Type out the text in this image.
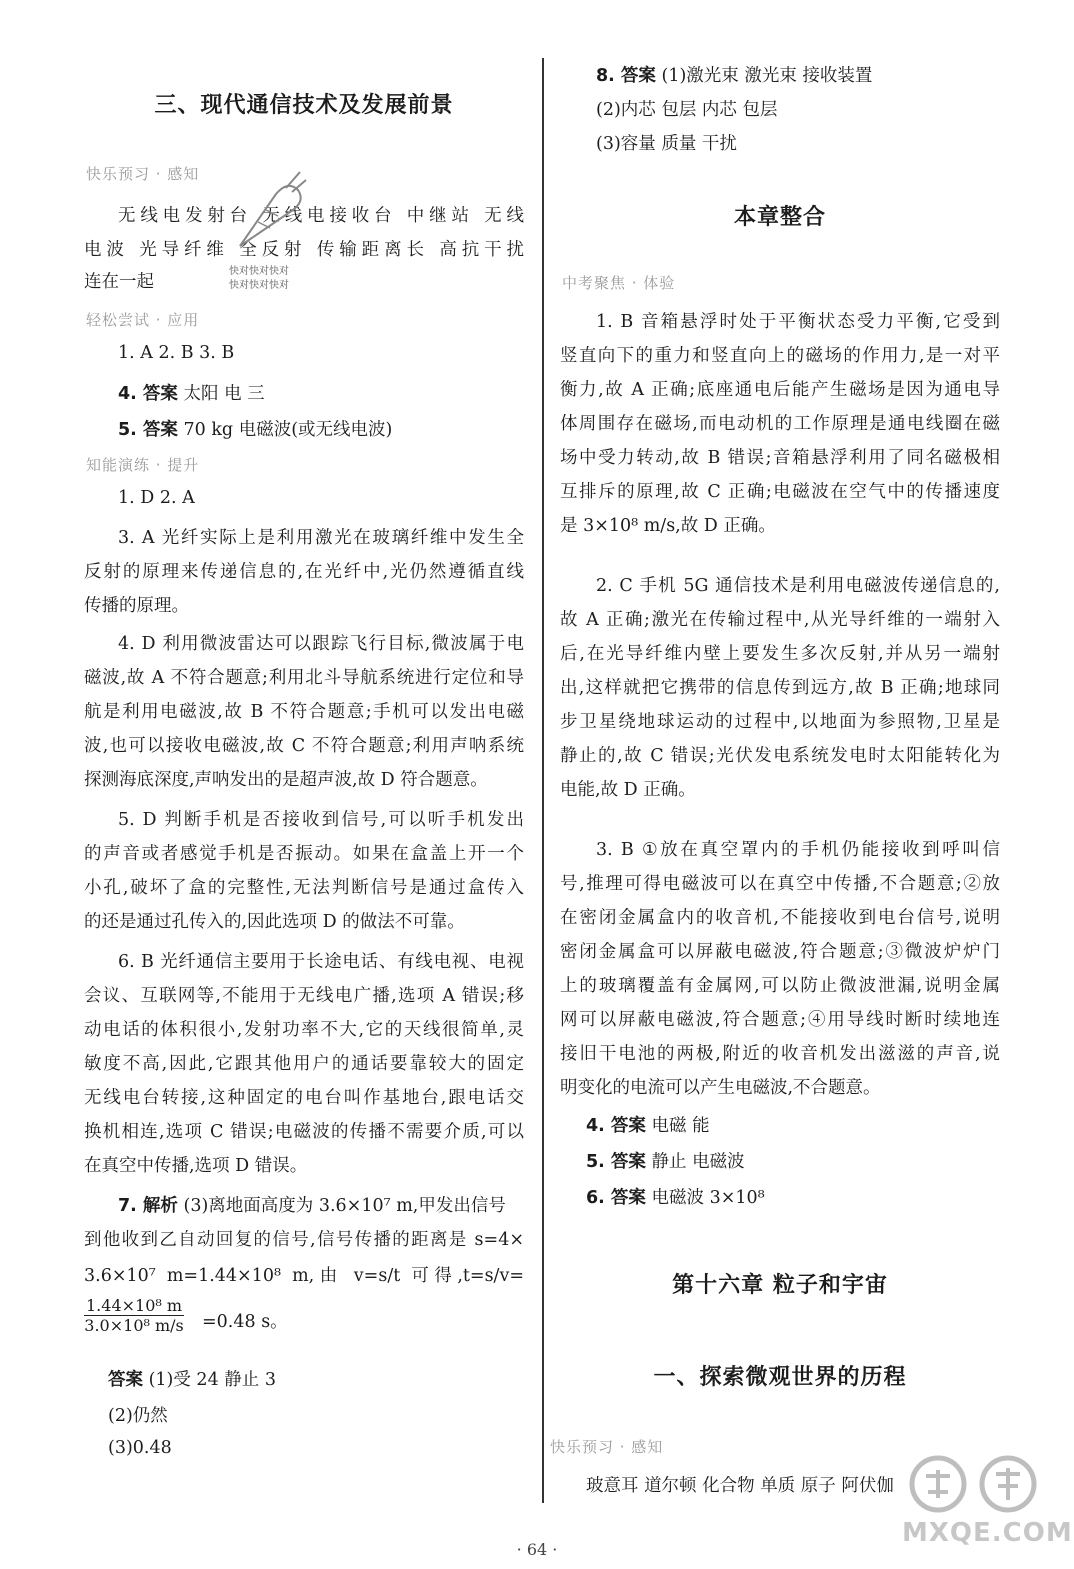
三、现代通信技术及发展前景
快乐预习 · 感知
无线电发射台 无线电接收台 中继站 无线
电波 光导纤维 全反射 传输距离长 高抗干扰
连在一起
快对快对快对
快对快对快对
轻松尝试 · 应用
1. A 2. B 3. B
4. 答案 太阳 电 三
5. 答案 70 kg 电磁波(或无线电波)
知能演练 · 提升
1. D 2. A
3. A 光纤实际上是利用激光在玻璃纤维中发生全
反射的原理来传递信息的,在光纤中,光仍然遵循直线
传播的原理。
4. D 利用微波雷达可以跟踪飞行目标,微波属于电
磁波,故 A 不符合题意;利用北斗导航系统进行定位和导
航是利用电磁波,故 B 不符合题意;手机可以发出电磁
波,也可以接收电磁波,故 C 不符合题意;利用声呐系统
探测海底深度,声呐发出的是超声波,故 D 符合题意。
5. D 判断手机是否接收到信号,可以听手机发出
的声音或者感觉手机是否振动。如果在盒盖上开一个
小孔,破坏了盒的完整性,无法判断信号是通过盒传入
的还是通过孔传入的,因此选项 D 的做法不可靠。
6. B 光纤通信主要用于长途电话、有线电视、电视
会议、互联网等,不能用于无线电广播,选项 A 错误;移
动电话的体积很小,发射功率不大,它的天线很简单,灵
敏度不高,因此,它跟其他用户的通话要靠较大的固定
无线电台转接,这种固定的电台叫作基地台,跟电话交
换机相连,选项 C 错误;电磁波的传播不需要介质,可以
在真空中传播,选项 D 错误。
7. 解析 (3)离地面高度为 3.6×10⁷ m,甲发出信号
到他收到乙自动回复的信号,信号传播的距离是 s=4×
3.6×10⁷ m=1.44×10⁸ m,由 v=s/t 可得,t=s/v=
$\frac{\text{1.44×10⁸ m}}{\text{3.0×10⁸ m/s}} =0.48$ s。
答案 (1)受 24 静止 3
(2)仍然
(3)0.48
8. 答案 (1)激光束 激光束 接收装置
(2)内芯 包层 内芯 包层
(3)容量 质量 干扰
本章整合
中考聚焦 · 体验
1. B 音箱悬浮时处于平衡状态受力平衡,它受到
竖直向下的重力和竖直向上的磁场的作用力,是一对平
衡力,故 A 正确;底座通电后能产生磁场是因为通电导
体周围存在磁场,而电动机的工作原理是通电线圈在磁
场中受力转动,故 B 错误;音箱悬浮利用了同名磁极相
互排斥的原理,故 C 正确;电磁波在空气中的传播速度
是 3×10⁸ m/s,故 D 正确。
2. C 手机 5G 通信技术是利用电磁波传递信息的,
故 A 正确;激光在传输过程中,从光导纤维的一端射入
后,在光导纤维内壁上要发生多次反射,并从另一端射
出,这样就把它携带的信息传到远方,故 B 正确;地球同
步卫星绕地球运动的过程中,以地面为参照物,卫星是
静止的,故 C 错误;光伏发电系统发电时太阳能转化为
电能,故 D 正确。
3. B ①放在真空罩内的手机仍能接收到呼叫信
号,推理可得电磁波可以在真空中传播,不合题意;②放
在密闭金属盒内的收音机,不能接收到电台信号,说明
密闭金属盒可以屏蔽电磁波,符合题意;③微波炉炉门
上的玻璃覆盖有金属网,可以防止微波泄漏,说明金属
网可以屏蔽电磁波,符合题意;④用导线时断时续地连
接旧干电池的两极,附近的收音机发出滋滋的声音,说
明变化的电流可以产生电磁波,不合题意。
4. 答案 电磁 能
5. 答案 静止 电磁波
6. 答案 电磁波 3×10⁸
第十六章 粒子和宇宙
一、探索微观世界的历程
快乐预习 · 感知
玻意耳 道尔顿 化合物 单质 原子 阿伏伽
· 64 ·
MXQE.COM
